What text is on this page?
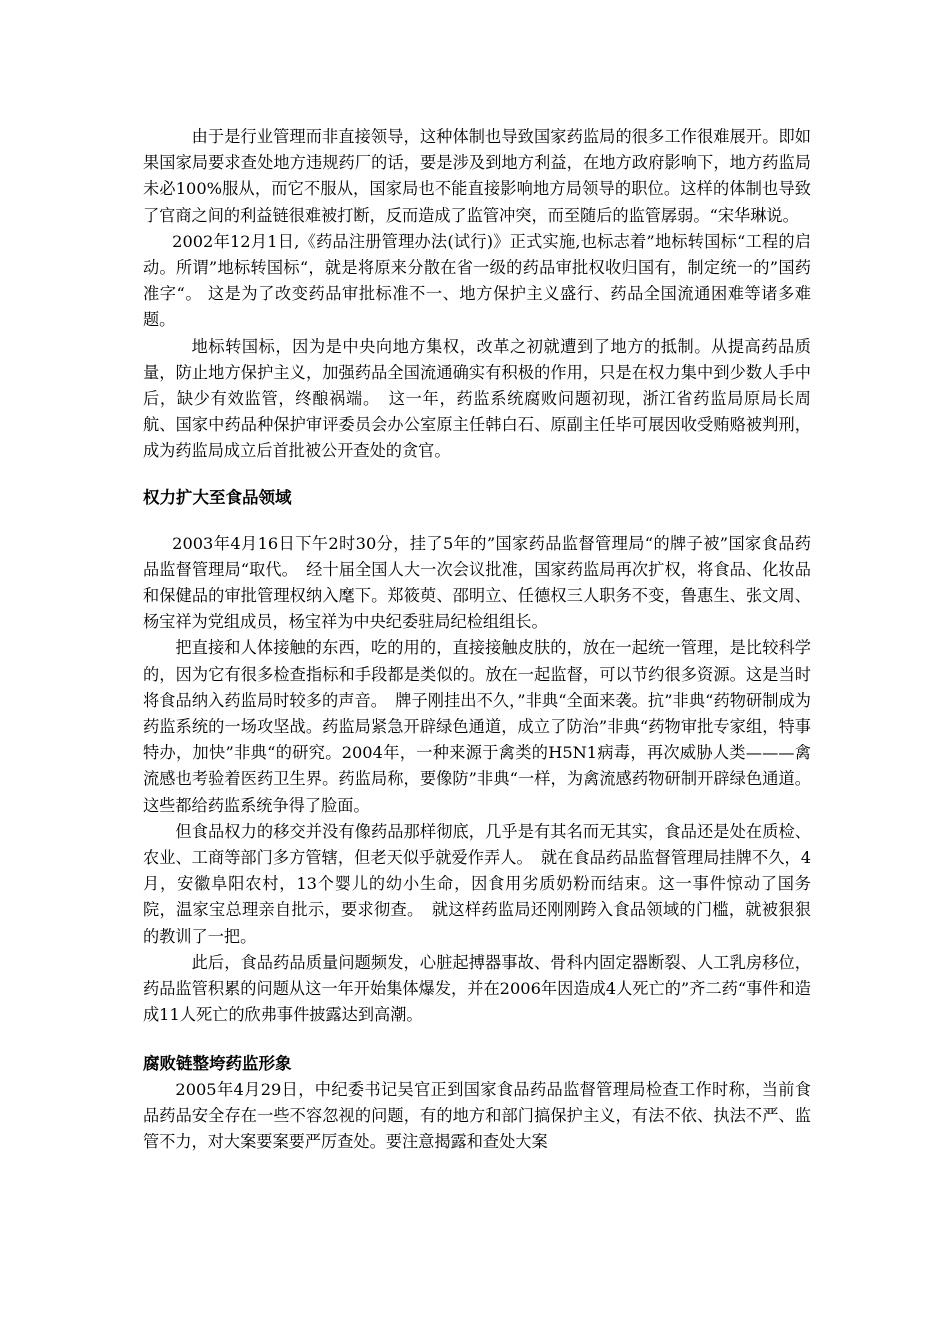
由于是行业管理而非直接领导，这种体制也导致国家药监局的很多工作很难展开。即如果国家局要求查处地方违规药厂的话，要是涉及到地方利益，在地方政府影响下，地方药监局未必100%服从，而它不服从，国家局也不能直接影响地方局领导的职位。这样的体制也导致了官商之间的利益链很难被打断，反而造成了监管冲突，而至随后的监管孱弱。“宋华琳说。

2002年12月1日,《药品注册管理办法(试行)》正式实施,也标志着”地标转国标“工程的启动。所谓”地标转国标“，就是将原来分散在省一级的药品审批权收归国有，制定统一的”国药准字“。 这是为了改变药品审批标准不一、地方保护主义盛行、药品全国流通困难等诸多难题。

地标转国标，因为是中央向地方集权，改革之初就遭到了地方的抵制。从提高药品质量，防止地方保护主义，加强药品全国流通确实有积极的作用，只是在权力集中到少数人手中后，缺少有效监管，终酿祸端。　这一年，药监系统腐败问题初现，浙江省药监局原局长周航、国家中药品种保护审评委员会办公室原主任韩白石、原副主任毕可展因收受贿赂被判刑，成为药监局成立后首批被公开查处的贪官。

权力扩大至食品领域

2003年4月16日下午2时30分，挂了5年的”国家药品监督管理局“的牌子被”国家食品药品监督管理局“取代。　经十届全国人大一次会议批准，国家药监局再次扩权，将食品、化妆品和保健品的审批管理权纳入麾下。郑筱萸、邵明立、任德权三人职务不变，鲁惠生、张文周、杨宝祥为党组成员，杨宝祥为中央纪委驻局纪检组组长。

把直接和人体接触的东西，吃的用的，直接接触皮肤的，放在一起统一管理，是比较科学的，因为它有很多检查指标和手段都是类似的。放在一起监督，可以节约很多资源。这是当时将食品纳入药监局时较多的声音。　牌子刚挂出不久，”非典“全面来袭。抗”非典“药物研制成为药监系统的一场攻坚战。药监局紧急开辟绿色通道，成立了防治”非典“药物审批专家组，特事特办，加快”非典“的研究。2004年，一种来源于禽类的H5N1病毒，再次威胁人类———禽流感也考验着医药卫生界。药监局称，要像防”非典“一样，为禽流感药物研制开辟绿色通道。这些都给药监系统争得了脸面。

但食品权力的移交并没有像药品那样彻底，几乎是有其名而无其实，食品还是处在质检、农业、工商等部门多方管辖，但老天似乎就爱作弄人。　就在食品药品监督管理局挂牌不久，4月，安徽阜阳农村，13个婴儿的幼小生命，因食用劣质奶粉而结束。这一事件惊动了国务院，温家宝总理亲自批示，要求彻查。　就这样药监局还刚刚跨入食品领域的门槛，就被狠狠的教训了一把。

此后，食品药品质量问题频发，心脏起搏器事故、骨科内固定器断裂、人工乳房移位，药品监管积累的问题从这一年开始集体爆发，并在2006年因造成4人死亡的”齐二药“事件和造成11人死亡的欣弗事件披露达到高潮。

腐败链整垮药监形象

2005年4月29日，中纪委书记吴官正到国家食品药品监督管理局检查工作时称，当前食品药品安全存在一些不容忽视的问题，有的地方和部门搞保护主义，有法不依、执法不严、监管不力，对大案要案要严厉查处。要注意揭露和查处大案
